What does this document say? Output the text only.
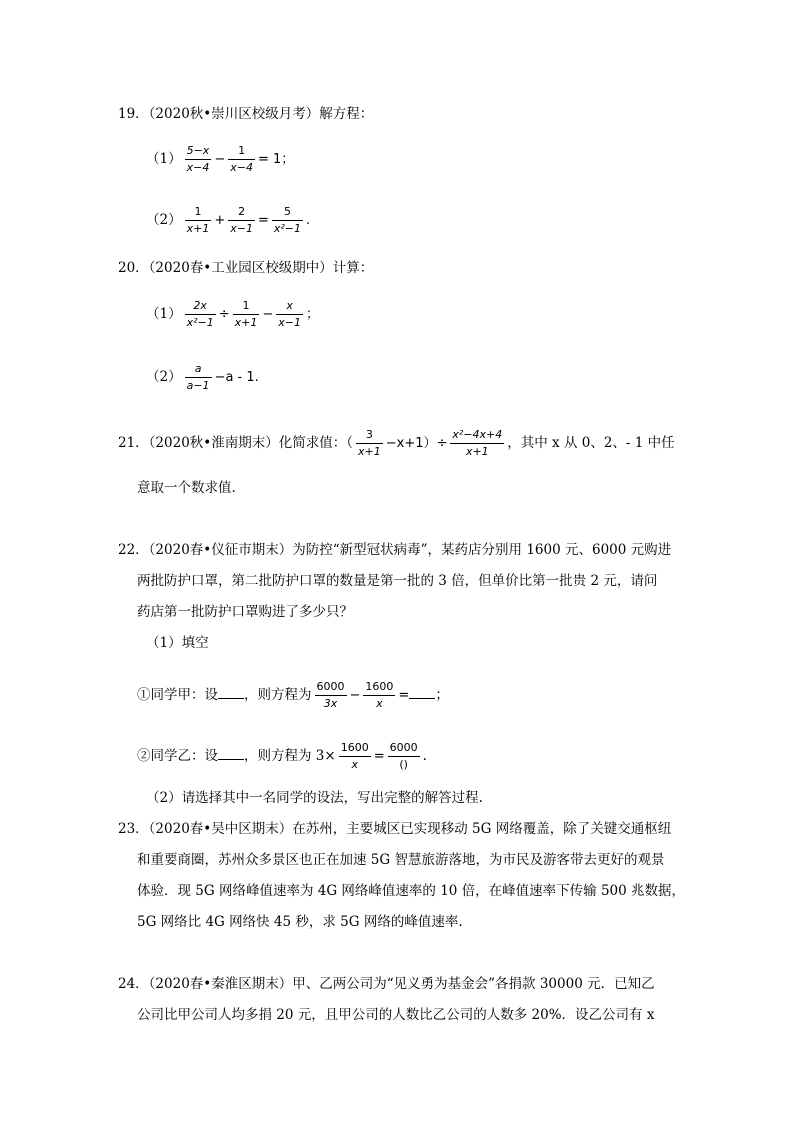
19．（2020秋•崇川区校级月考）解方程：
$(1) \frac{5-x}{x-4} - \frac{1}{x-4} = 1$；
$(2) \frac{1}{x+1} + \frac{2}{x-1} = \frac{5}{\text{x²−1}}$ .
20．（2020春•工业园区校级期中）计算：
$(1) \frac{2x}{\text{x²−1}} \div \frac{1}{x+1} - \frac{x}{x-1}$ ；
$(2) \frac{a}{a-1} -a - 1$.
21．（2020秋•淮南期末）化简求值：（ $\frac{3}{x+1} -x+1)\div \frac{\text{x²−4x+4}}{x+1}$ ，其中 x 从 0、2、- 1 中任
意取一个数求值.
22．（2020春•仪征市期末）为防控“新型冠状病毒”，某药店分别用 1600 元、6000 元购进
两批防护口罩，第二批防护口罩的数量是第一批的 3 倍，但单价比第一批贵 2 元，请问
药店第一批防护口罩购进了多少只？
（1）填空
①同学甲：设 ，则方程为 $\frac{6000}{3x} - \frac{1600}{x}$ = ；
②同学乙：设 ，则方程为 $3\times \frac{1600}{x} = \frac{6000}{()}$ .
（2）请选择其中一名同学的设法，写出完整的解答过程.
23．（2020春•吴中区期末）在苏州，主要城区已实现移动 5G 网络覆盖，除了关键交通枢纽
和重要商圈，苏州众多景区也正在加速 5G 智慧旅游落地，为市民及游客带去更好的观景
体验．现 5G 网络峰值速率为 4G 网络峰值速率的 10 倍，在峰值速率下传输 500 兆数据，
5G 网络比 4G 网络快 45 秒，求 5G 网络的峰值速率.
24．（2020春•秦淮区期末）甲、乙两公司为“见义勇为基金会”各捐款 30000 元．已知乙
公司比甲公司人均多捐 20 元，且甲公司的人数比乙公司的人数多 20%．设乙公司有 x
